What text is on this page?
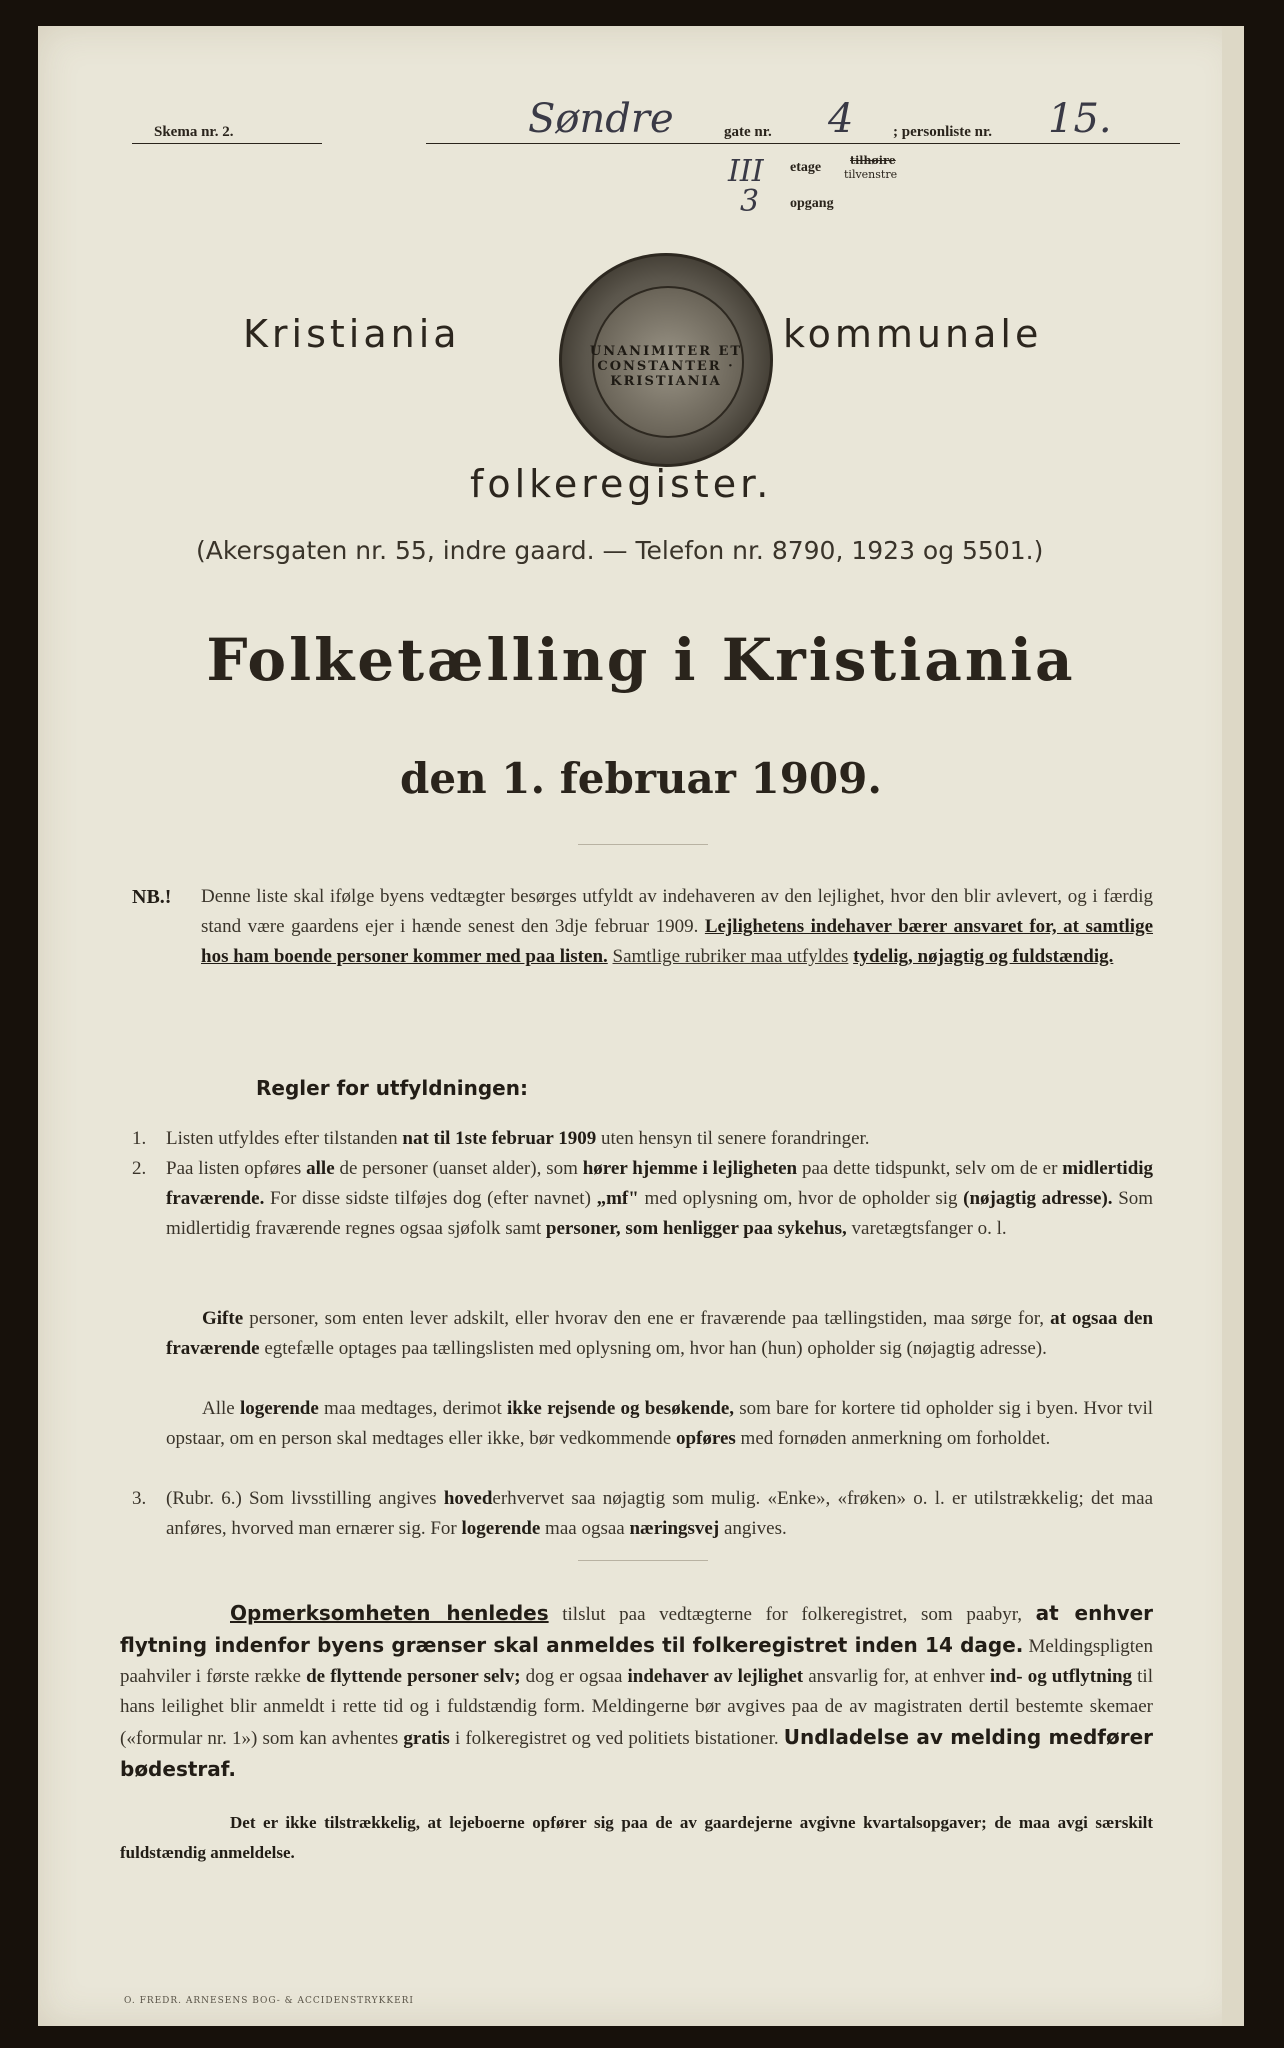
Skema nr. 2.	Søndre	gate nr. 4	; personliste nr. 15.
III etage	tilhøire
tilvenstre
3 opgang
Kristiania	UNANIMITER ET CONSTANTER · KRISTIANIA
kommunale
folkeregister.
(Akersgaten nr. 55, indre gaard. — Telefon nr. 8790, 1923 og 5501.)
Folketælling i Kristiania
den 1. februar 1909.
NB.! Denne liste skal ifølge byens vedtægter besørges utfyldt av indehaveren av den lejlighet, hvor den blir avlevert, og i færdig stand være gaardens ejer i hænde senest den 3dje februar 1909. Lejlighetens indehaver bærer ansvaret for, at samtlige hos ham boende personer kommer med paa listen. Samtlige rubriker maa utfyldes tydelig, nøjagtig og fuldstændig.
Regler for utfyldningen:
1. Listen utfyldes efter tilstanden nat til 1ste februar 1909 uten hensyn til senere forandringer.
2. Paa listen opføres alle de personer (uanset alder), som hører hjemme i lejligheten paa dette tidspunkt, selv om de er midlertidig fraværende. For disse sidste tilføjes dog (efter navnet) „mf" med oplysning om, hvor de opholder sig (nøjagtig adresse). Som midlertidig fraværende regnes ogsaa sjøfolk samt personer, som henligger paa sykehus, varetægtsfanger o. l.
Gifte personer, som enten lever adskilt, eller hvorav den ene er fraværende paa tællingstiden, maa sørge for, at ogsaa den fraværende egtefælle optages paa tællingslisten med oplysning om, hvor han (hun) opholder sig (nøjagtig adresse).
Alle logerende maa medtages, derimot ikke rejsende og besøkende, som bare for kortere tid opholder sig i byen. Hvor tvil opstaar, om en person skal medtages eller ikke, bør vedkommende opføres med fornøden anmerkning om forholdet.
3. (Rubr. 6.) Som livsstilling angives hovederhvervet saa nøjagtig som mulig. «Enke», «frøken» o. l. er utilstrækkelig; det maa anføres, hvorved man ernærer sig. For logerende maa ogsaa næringsvej angives.
Opmerksomheten henledes tilslut paa vedtægterne for folkeregistret, som paabyr, at enhver flytning indenfor byens grænser skal anmeldes til folkeregistret inden 14 dage. Meldingspligten paahviler i første række de flyttende personer selv; dog er ogsaa indehaver av lejlighet ansvarlig for, at enhver ind- og utflytning til hans leilighet blir anmeldt i rette tid og i fuldstændig form. Meldingerne bør avgives paa de av magistraten dertil bestemte skemaer («formular nr. 1») som kan avhentes gratis i folkeregistret og ved politiets bistationer. Undladelse av melding medfører bødestraf.
Det er ikke tilstrækkelig, at lejeboerne opfører sig paa de av gaardejerne avgivne kvartalsopgaver; de maa avgi særskilt fuldstændig anmeldelse.
O. FREDR. ARNESENS BOG- & ACCIDENSTRYKKERI
